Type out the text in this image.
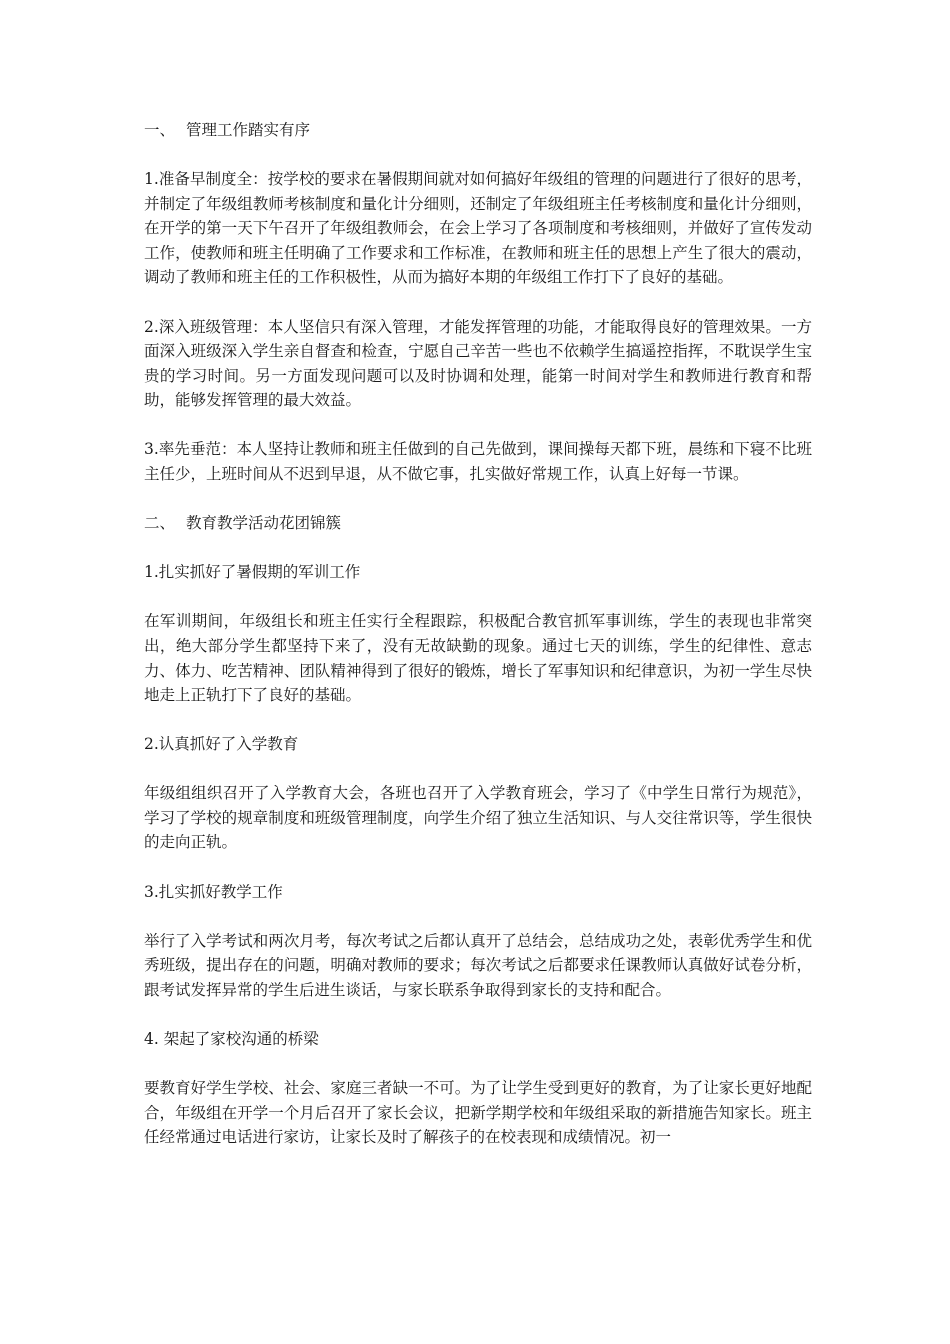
一、 管理工作踏实有序

1.准备早制度全：按学校的要求在暑假期间就对如何搞好年级组的管理的问题进行了很好的思考，并制定了年级组教师考核制度和量化计分细则，还制定了年级组班主任考核制度和量化计分细则，在开学的第一天下午召开了年级组教师会，在会上学习了各项制度和考核细则，并做好了宣传发动工作，使教师和班主任明确了工作要求和工作标准，在教师和班主任的思想上产生了很大的震动，调动了教师和班主任的工作积极性，从而为搞好本期的年级组工作打下了良好的基础。

2.深入班级管理：本人坚信只有深入管理，才能发挥管理的功能，才能取得良好的管理效果。一方面深入班级深入学生亲自督查和检查，宁愿自己辛苦一些也不依赖学生搞遥控指挥，不耽误学生宝贵的学习时间。另一方面发现问题可以及时协调和处理，能第一时间对学生和教师进行教育和帮助，能够发挥管理的最大效益。

3.率先垂范：本人坚持让教师和班主任做到的自己先做到，课间操每天都下班，晨练和下寝不比班主任少，上班时间从不迟到早退，从不做它事，扎实做好常规工作，认真上好每一节课。

二、 教育教学活动花团锦簇

1.扎实抓好了暑假期的军训工作

在军训期间，年级组长和班主任实行全程跟踪，积极配合教官抓军事训练，学生的表现也非常突出，绝大部分学生都坚持下来了，没有无故缺勤的现象。通过七天的训练，学生的纪律性、意志力、体力、吃苦精神、团队精神得到了很好的锻炼，增长了军事知识和纪律意识，为初一学生尽快地走上正轨打下了良好的基础。

2.认真抓好了入学教育

年级组组织召开了入学教育大会，各班也召开了入学教育班会，学习了《中学生日常行为规范》，学习了学校的规章制度和班级管理制度，向学生介绍了独立生活知识、与人交往常识等，学生很快的走向正轨。

3.扎实抓好教学工作

举行了入学考试和两次月考，每次考试之后都认真开了总结会，总结成功之处，表彰优秀学生和优秀班级，提出存在的问题，明确对教师的要求；每次考试之后都要求任课教师认真做好试卷分析，跟考试发挥异常的学生后进生谈话，与家长联系争取得到家长的支持和配合。

4. 架起了家校沟通的桥梁

要教育好学生学校、社会、家庭三者缺一不可。为了让学生受到更好的教育，为了让家长更好地配合，年级组在开学一个月后召开了家长会议，把新学期学校和年级组采取的新措施告知家长。班主任经常通过电话进行家访，让家长及时了解孩子的在校表现和成绩情况。初一
